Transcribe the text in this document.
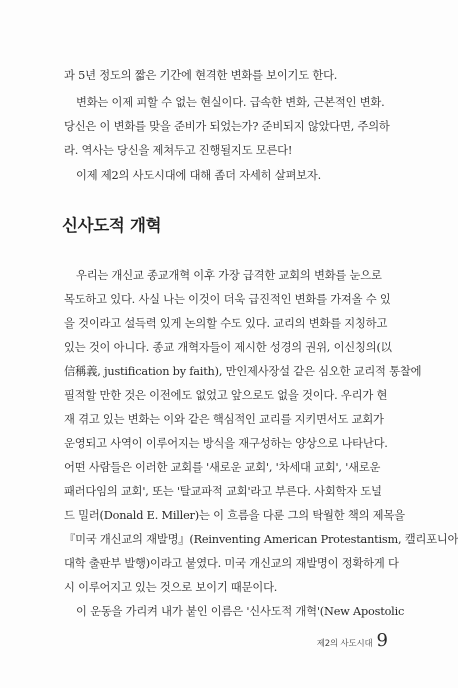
과 5년 정도의 짧은 기간에 현격한 변화를 보이기도 한다.
변화는 이제 피할 수 없는 현실이다. 급속한 변화, 근본적인 변화.
당신은 이 변화를 맞을 준비가 되었는가? 준비되지 않았다면, 주의하
라. 역사는 당신을 제쳐두고 진행될지도 모른다!
이제 제2의 사도시대에 대해 좀더 자세히 살펴보자.
신사도적 개혁
우리는 개신교 종교개혁 이후 가장 급격한 교회의 변화를 눈으로
목도하고 있다. 사실 나는 이것이 더욱 급진적인 변화를 가져올 수 있
을 것이라고 설득력 있게 논의할 수도 있다. 교리의 변화를 지칭하고
있는 것이 아니다. 종교 개혁자들이 제시한 성경의 권위, 이신칭의(以
信稱義, justification by faith), 만인제사장설 같은 심오한 교리적 통찰에
필적할 만한 것은 이전에도 없었고 앞으로도 없을 것이다. 우리가 현
재 겪고 있는 변화는 이와 같은 핵심적인 교리를 지키면서도 교회가
운영되고 사역이 이루어지는 방식을 재구성하는 양상으로 나타난다.
어떤 사람들은 이러한 교회를 '새로운 교회', '차세대 교회', '새로운
패러다임의 교회', 또는 '탈교파적 교회'라고 부른다. 사회학자 도널
드 밀러(Donald E. Miller)는 이 흐름을 다룬 그의 탁월한 책의 제목을
『미국 개신교의 재발명』(Reinventing American Protestantism, 캘리포니아
대학 출판부 발행)이라고 붙였다. 미국 개신교의 재발명이 정확하게 다
시 이루어지고 있는 것으로 보이기 때문이다.
이 운동을 가리켜 내가 붙인 이름은 '신사도적 개혁'(New Apostolic
제2의 사도시대 9
